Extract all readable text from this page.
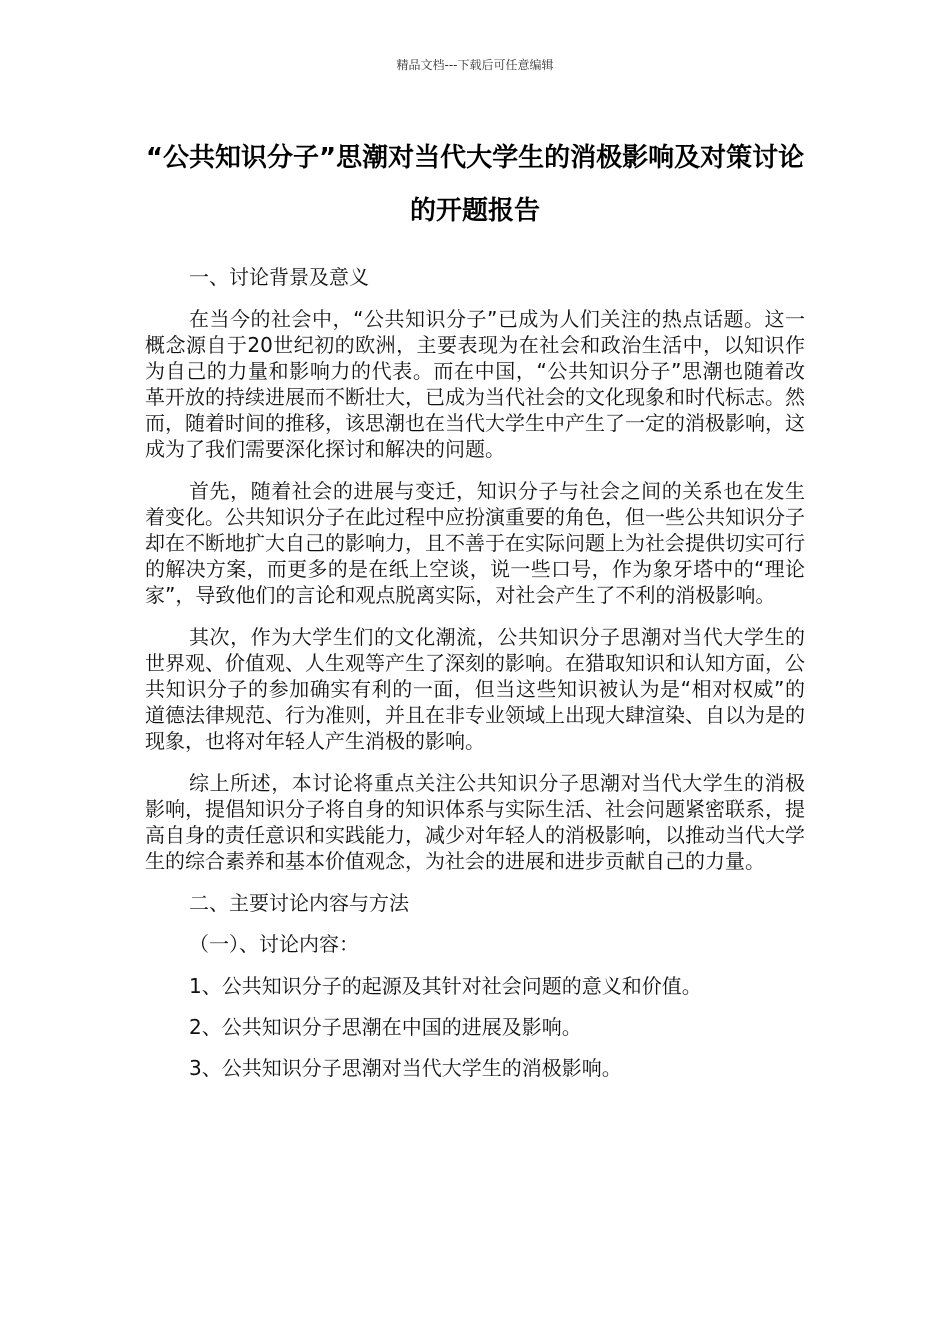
精品文档---下载后可任意编辑
“公共知识分子”思潮对当代大学生的消极影响及对策讨论的开题报告

一、讨论背景及意义

在当今的社会中，“公共知识分子”已成为人们关注的热点话题。这一概念源自于20世纪初的欧洲，主要表现为在社会和政治生活中，以知识作为自己的力量和影响力的代表。而在中国，“公共知识分子”思潮也随着改革开放的持续进展而不断壮大，已成为当代社会的文化现象和时代标志。然而，随着时间的推移，该思潮也在当代大学生中产生了一定的消极影响，这成为了我们需要深化探讨和解决的问题。

首先，随着社会的进展与变迁，知识分子与社会之间的关系也在发生着变化。公共知识分子在此过程中应扮演重要的角色，但一些公共知识分子却在不断地扩大自己的影响力，且不善于在实际问题上为社会提供切实可行的解决方案，而更多的是在纸上空谈，说一些口号，作为象牙塔中的“理论家”，导致他们的言论和观点脱离实际，对社会产生了不利的消极影响。

其次，作为大学生们的文化潮流，公共知识分子思潮对当代大学生的世界观、价值观、人生观等产生了深刻的影响。在猎取知识和认知方面，公共知识分子的参加确实有利的一面，但当这些知识被认为是“相对权威”的道德法律规范、行为准则，并且在非专业领域上出现大肆渲染、自以为是的现象，也将对年轻人产生消极的影响。

综上所述，本讨论将重点关注公共知识分子思潮对当代大学生的消极影响，提倡知识分子将自身的知识体系与实际生活、社会问题紧密联系，提高自身的责任意识和实践能力，减少对年轻人的消极影响，以推动当代大学生的综合素养和基本价值观念，为社会的进展和进步贡献自己的力量。

二、主要讨论内容与方法

（一）、讨论内容：

1、公共知识分子的起源及其针对社会问题的意义和价值。

2、公共知识分子思潮在中国的进展及影响。

3、公共知识分子思潮对当代大学生的消极影响。
